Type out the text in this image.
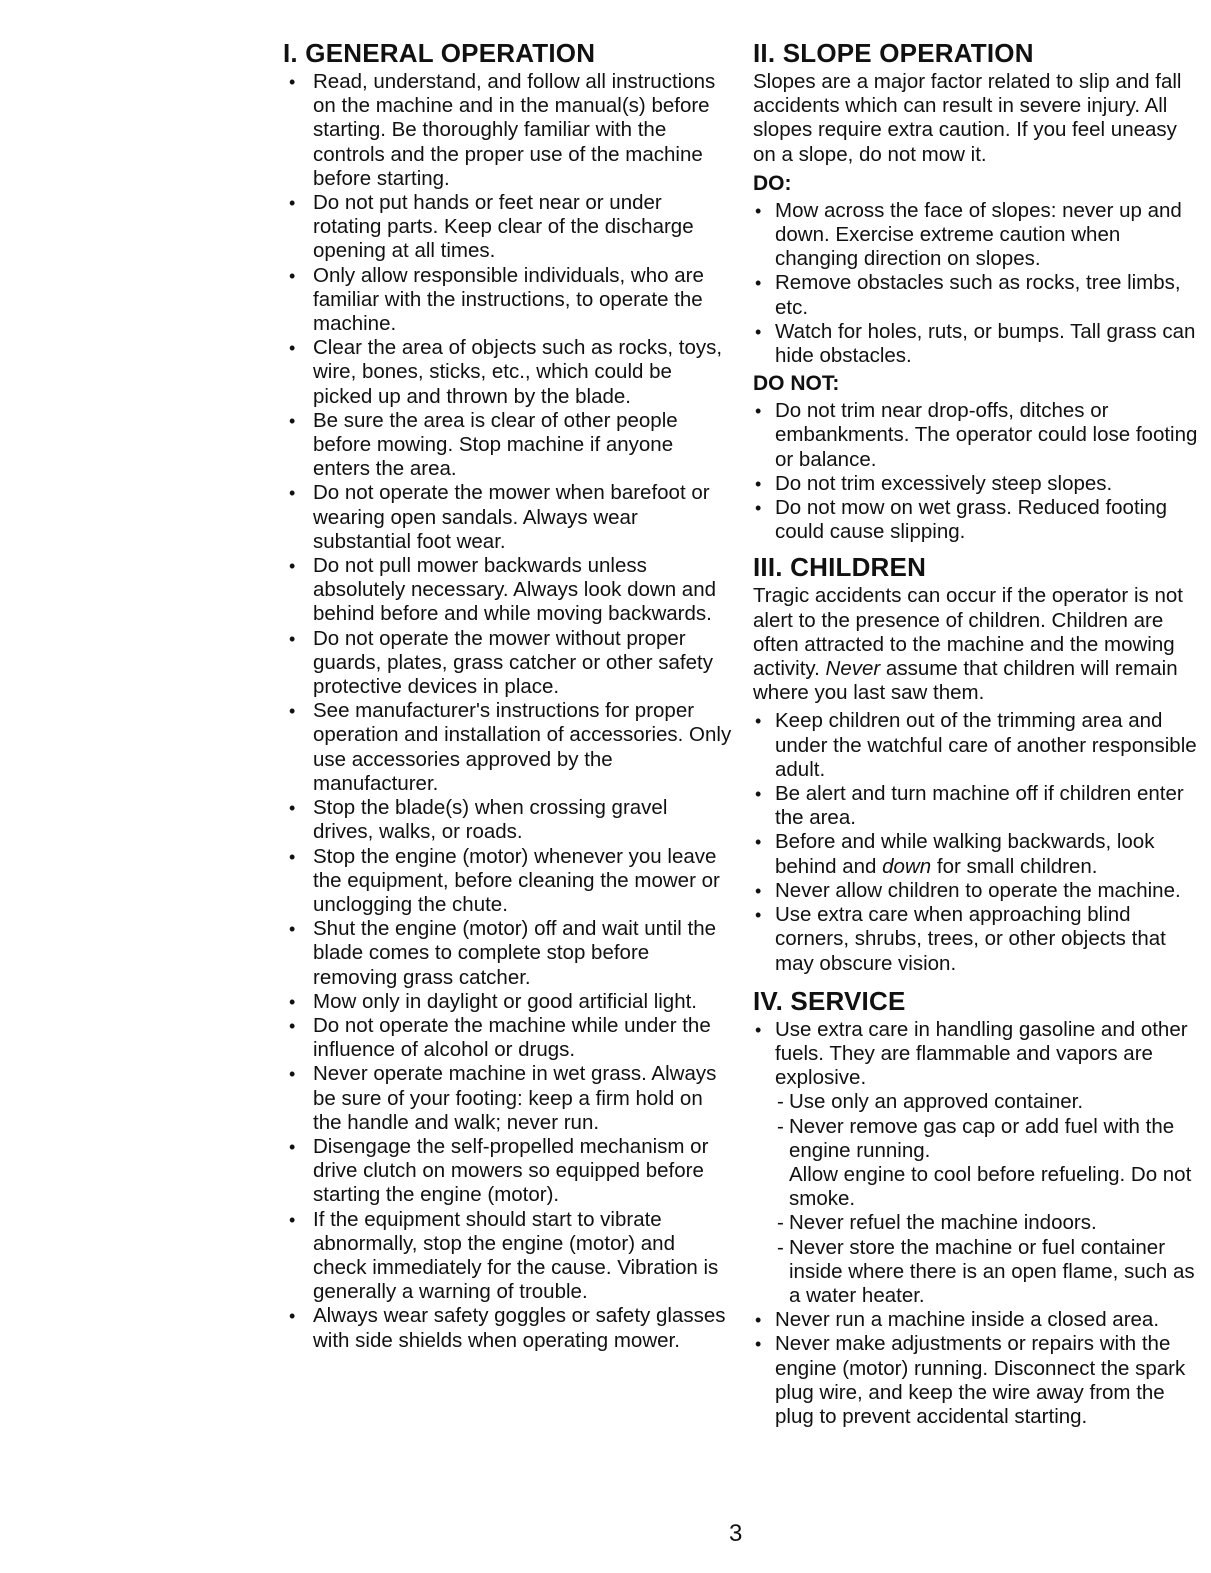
I. GENERAL OPERATION
• Read, understand, and follow all instructions on the machine and in the manual(s) before starting. Be thoroughly familiar with the controls and the proper use of the machine before starting.
• Do not put hands or feet near or under rotating parts. Keep clear of the discharge opening at all times.
• Only allow responsible individuals, who are familiar with the instructions, to operate the machine.
• Clear the area of objects such as rocks, toys, wire, bones, sticks, etc., which could be picked up and thrown by the blade.
• Be sure the area is clear of other people before mowing. Stop machine if anyone enters the area.
• Do not operate the mower when barefoot or wearing open sandals. Always wear substantial foot wear.
• Do not pull mower backwards unless absolutely necessary. Always look down and behind before and while moving backwards.
• Do not operate the mower without proper guards, plates, grass catcher or other safety protective devices in place.
• See manufacturer's instructions for proper operation and installation of accessories. Only use accessories approved by the manufacturer.
• Stop the blade(s) when crossing gravel drives, walks, or roads.
• Stop the engine (motor) whenever you leave the equipment, before cleaning the mower or unclogging the chute.
• Shut the engine (motor) off and wait until the blade comes to complete stop before removing grass catcher.
• Mow only in daylight or good artificial light.
• Do not operate the machine while under the influence of alcohol or drugs.
• Never operate machine in wet grass. Always be sure of your footing: keep a firm hold on the handle and walk; never run.
• Disengage the self-propelled mechanism or drive clutch on mowers so equipped before starting the engine (motor).
• If the equipment should start to vibrate abnormally, stop the engine (motor) and check immediately for the cause. Vibration is generally a warning of trouble.
• Always wear safety goggles or safety glasses with side shields when operating mower.
II. SLOPE OPERATION

Slopes are a major factor related to slip and fall accidents which can result in severe injury. All slopes require extra caution. If you feel uneasy on a slope, do not mow it.

DO:
• Mow across the face of slopes: never up and down. Exercise extreme caution when changing direction on slopes.
• Remove obstacles such as rocks, tree limbs, etc.
• Watch for holes, ruts, or bumps. Tall grass can hide obstacles.
DO NOT:
• Do not trim near drop-offs, ditches or embankments. The operator could lose footing or balance.
• Do not trim excessively steep slopes.
• Do not mow on wet grass. Reduced footing could cause slipping.
III. CHILDREN

Tragic accidents can occur if the operator is not alert to the presence of children. Children are often attracted to the machine and the mowing activity. Never assume that children will remain where you last saw them.

• Keep children out of the trimming area and under the watchful care of another responsible adult.
• Be alert and turn machine off if children enter the area.
• Before and while walking backwards, look behind and down for small children.
• Never allow children to operate the machine.
• Use extra care when approaching blind corners, shrubs, trees, or other objects that may obscure vision.
IV. SERVICE
• Use extra care in handling gasoline and other fuels. They are flammable and vapors are explosive.
- Use only an approved container.
- Never remove gas cap or add fuel with the engine running.
Allow engine to cool before refueling. Do not smoke.
- Never refuel the machine indoors.
- Never store the machine or fuel container inside where there is an open flame, such as a water heater.
• Never run a machine inside a closed area.
• Never make adjustments or repairs with the engine (motor) running. Disconnect the spark plug wire, and keep the wire away from the plug to prevent accidental starting.
3
